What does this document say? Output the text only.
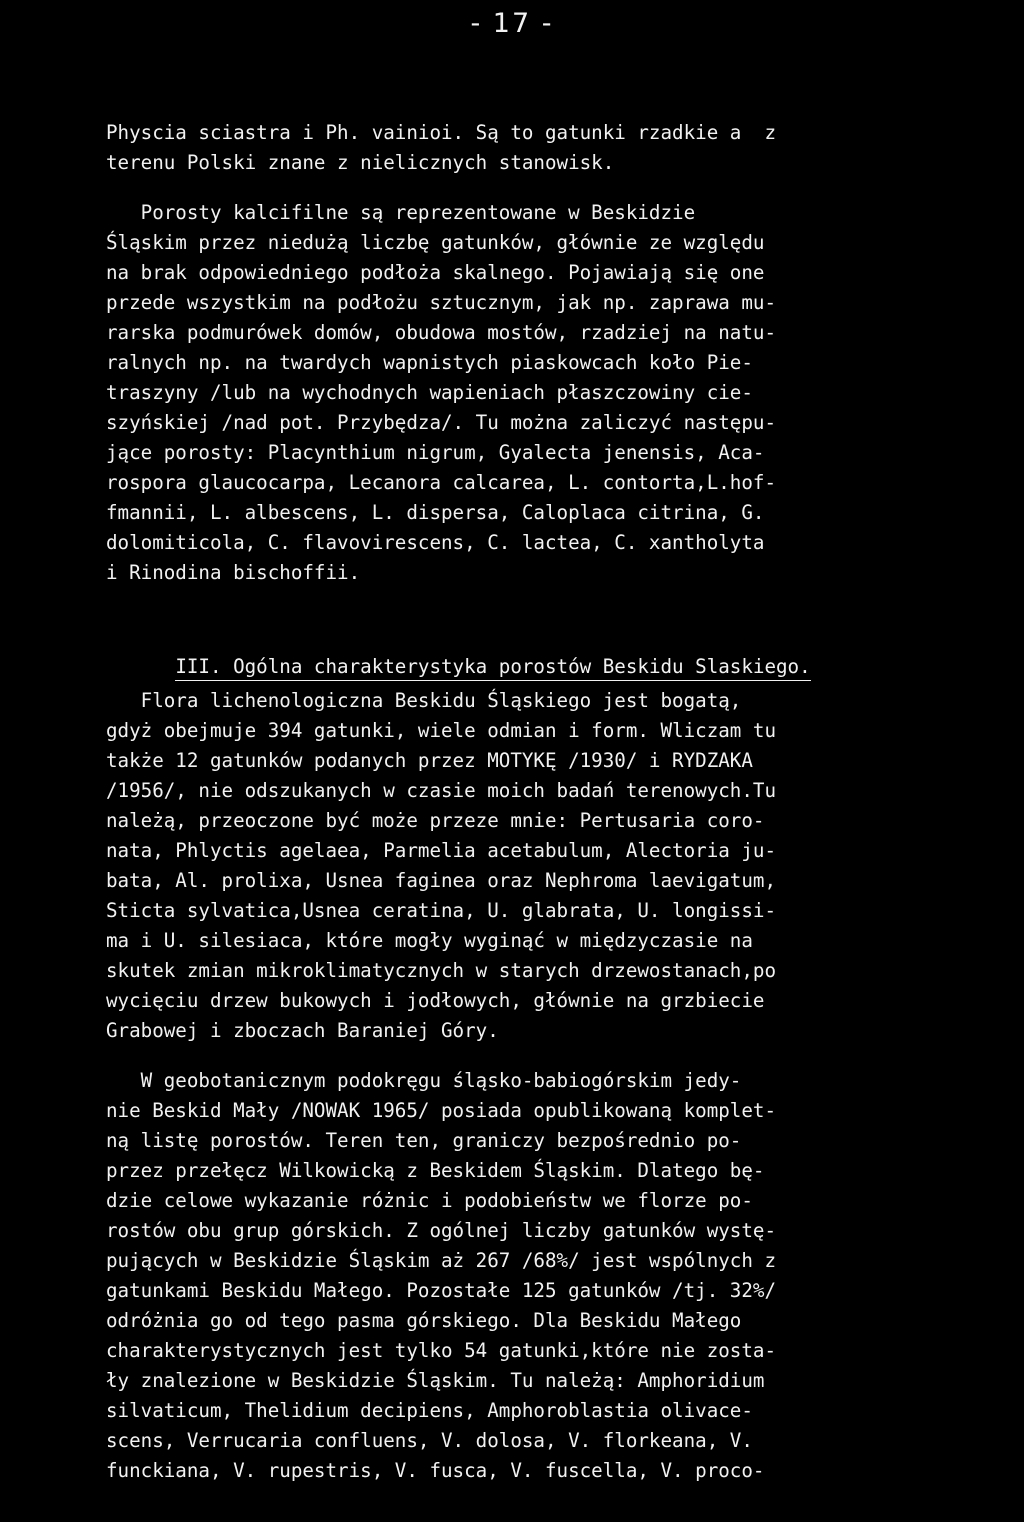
- 17 -
Physcia sciastra i Ph. vainioi. Są to gatunki rzadkie a  z
terenu Polski znane z nielicznych stanowisk.
Porosty kalcifilne są reprezentowane w Beskidzie
Śląskim przez niedużą liczbę gatunków, głównie ze względu
na brak odpowiedniego podłoża skalnego. Pojawiają się one
przede wszystkim na podłożu sztucznym, jak np. zaprawa mu-
rarska podmurówek domów, obudowa mostów, rzadziej na natu-
ralnych np. na twardych wapnistych piaskowcach koło Pie-
traszyny /lub na wychodnych wapieniach płaszczowiny cie-
szyńskiej /nad pot. Przybędza/. Tu można zaliczyć następu-
jące porosty: Placynthium nigrum, Gyalecta jenensis, Aca-
rospora glaucocarpa, Lecanora calcarea, L. contorta,L.hof-
fmannii, L. albescens, L. dispersa, Caloplaca citrina, G.
dolomiticola, C. flavovirescens, C. lactea, C. xantholyta
i Rinodina bischoffii.

III. Ogólna charakterystyka porostów Beskidu Slaskiego.

Flora lichenologiczna Beskidu Śląskiego jest bogatą,
gdyż obejmuje 394 gatunki, wiele odmian i form. Wliczam tu
także 12 gatunków podanych przez MOTYKĘ /1930/ i RYDZAKA
/1956/, nie odszukanych w czasie moich badań terenowych.Tu
należą, przeoczone być może przeze mnie: Pertusaria coro-
nata, Phlyctis agelaea, Parmelia acetabulum, Alectoria ju-
bata, Al. prolixa, Usnea faginea oraz Nephroma laevigatum,
Sticta sylvatica,Usnea ceratina, U. glabrata, U. longissi-
ma i U. silesiaca, które mogły wyginąć w międzyczasie na
skutek zmian mikroklimatycznych w starych drzewostanach,po
wycięciu drzew bukowych i jodłowych, głównie na grzbiecie
Grabowej i zboczach Baraniej Góry.
W geobotanicznym podokręgu śląsko-babiogórskim jedy-
nie Beskid Mały /NOWAK 1965/ posiada opublikowaną komplet-
ną listę porostów. Teren ten, graniczy bezpośrednio po-
przez przełęcz Wilkowicką z Beskidem Śląskim. Dlatego bę-
dzie celowe wykazanie różnic i podobieństw we florze po-
rostów obu grup górskich. Z ogólnej liczby gatunków wystę-
pujących w Beskidzie Śląskim aż 267 /68%/ jest wspólnych z
gatunkami Beskidu Małego. Pozostałe 125 gatunków /tj. 32%/
odróżnia go od tego pasma górskiego. Dla Beskidu Małego
charakterystycznych jest tylko 54 gatunki,które nie zosta-
ły znalezione w Beskidzie Śląskim. Tu należą: Amphoridium
silvaticum, Thelidium decipiens, Amphoroblastia olivace-
scens, Verrucaria confluens, V. dolosa, V. florkeana, V.
funckiana, V. rupestris, V. fusca, V. fuscella, V. proco-
